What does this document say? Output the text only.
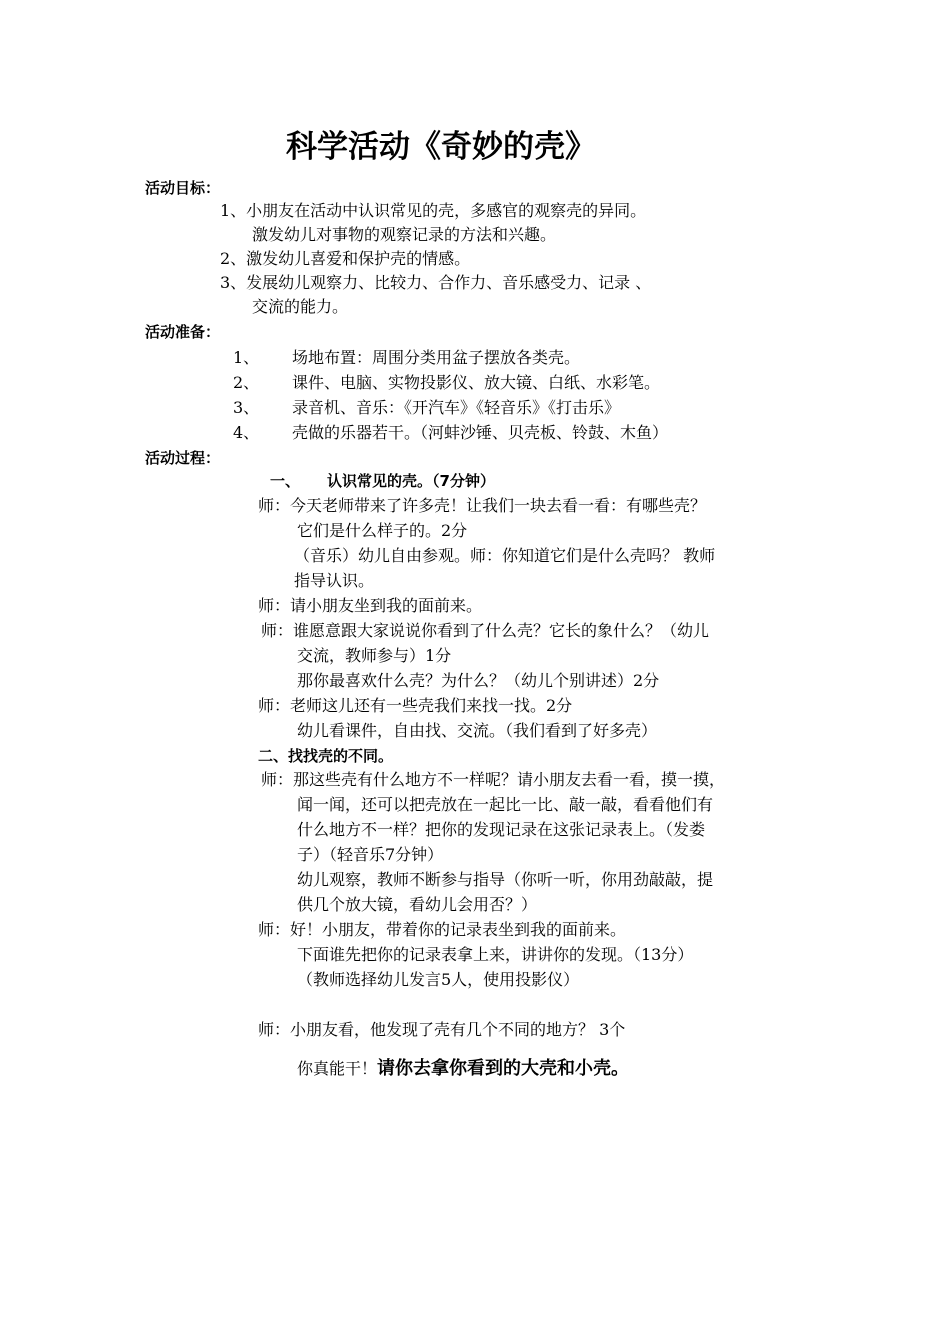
科学活动《奇妙的壳》
活动目标：
1、小朋友在活动中认识常见的壳，多感官的观察壳的异同。
激发幼儿对事物的观察记录的方法和兴趣。
2、激发幼儿喜爱和保护壳的情感。
3、发展幼儿观察力、比较力、合作力、音乐感受力、记录 、
交流的能力。
活动准备：
1、 场地布置：周围分类用盆子摆放各类壳。
2、 课件、电脑、实物投影仪、放大镜、白纸、水彩笔。
3、 录音机、音乐：《开汽车》《轻音乐》《打击乐》
4、 壳做的乐器若干。（河蚌沙锤、贝壳板、铃鼓、木鱼）
活动过程：
一、 认识常见的壳。（7分钟）
师：今天老师带来了许多壳！让我们一块去看一看：有哪些壳？
它们是什么样子的。2分
（音乐）幼儿自由参观。师：你知道它们是什么壳吗？ 教师
指导认识。
师：请小朋友坐到我的面前来。
师：谁愿意跟大家说说你看到了什么壳？它长的象什么？（幼儿
交流，教师参与）1分
那你最喜欢什么壳？为什么？（幼儿个别讲述）2分
师：老师这儿还有一些壳我们来找一找。2分
幼儿看课件，自由找、交流。（我们看到了好多壳）
二、找找壳的不同。
师：那这些壳有什么地方不一样呢？请小朋友去看一看，摸一摸，
闻一闻，还可以把壳放在一起比一比、敲一敲，看看他们有
什么地方不一样？把你的发现记录在这张记录表上。（发娄
子）（轻音乐7分钟）
幼儿观察，教师不断参与指导（你听一听，你用劲敲敲，提
供几个放大镜，看幼儿会用否？）
师：好！小朋友，带着你的记录表坐到我的面前来。
下面谁先把你的记录表拿上来，讲讲你的发现。（13分）
（教师选择幼儿发言5人，使用投影仪）
师：小朋友看，他发现了壳有几个不同的地方？ 3个
你真能干！请你去拿你看到的大壳和小壳。
